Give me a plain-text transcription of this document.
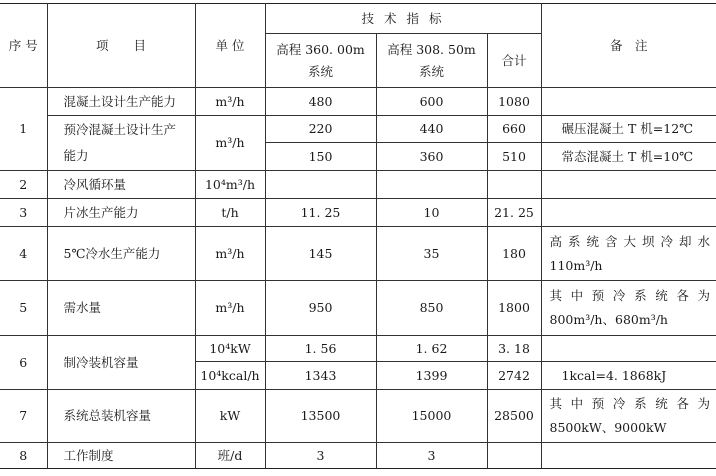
序 号	项　　目	单 位	技 术 指 标			备　注
			高程 360. 00m 系统	高程 308. 50m 系统	合计	
1	混凝土设计生产能力	m³/h	480	600	1080	
	预冷混凝土设计生产能力	m³/h	220	440	660	碾压混凝土 T 机=12℃
			150	360	510	常态混凝土 T 机=10℃
2	冷风循环量	10⁴m³/h				
3	片冰生产能力	t/h	11. 25	10	21. 25	
4	5℃冷水生产能力	m³/h	145	35	180	高系统含大坝冷却水 110m³/h
5	需水量	m³/h	950	850	1800	其中预冷系统各为 800m³/h、680m³/h
6	制冷装机容量	10⁴kW	1. 56	1. 62	3. 18	
		10⁴kcal/h	1343	1399	2742	1kcal=4. 1868kJ
7	系统总装机容量	kW	13500	15000	28500	其中预冷系统各为 8500kW、9000kW
8	工作制度	班/d	3	3		
